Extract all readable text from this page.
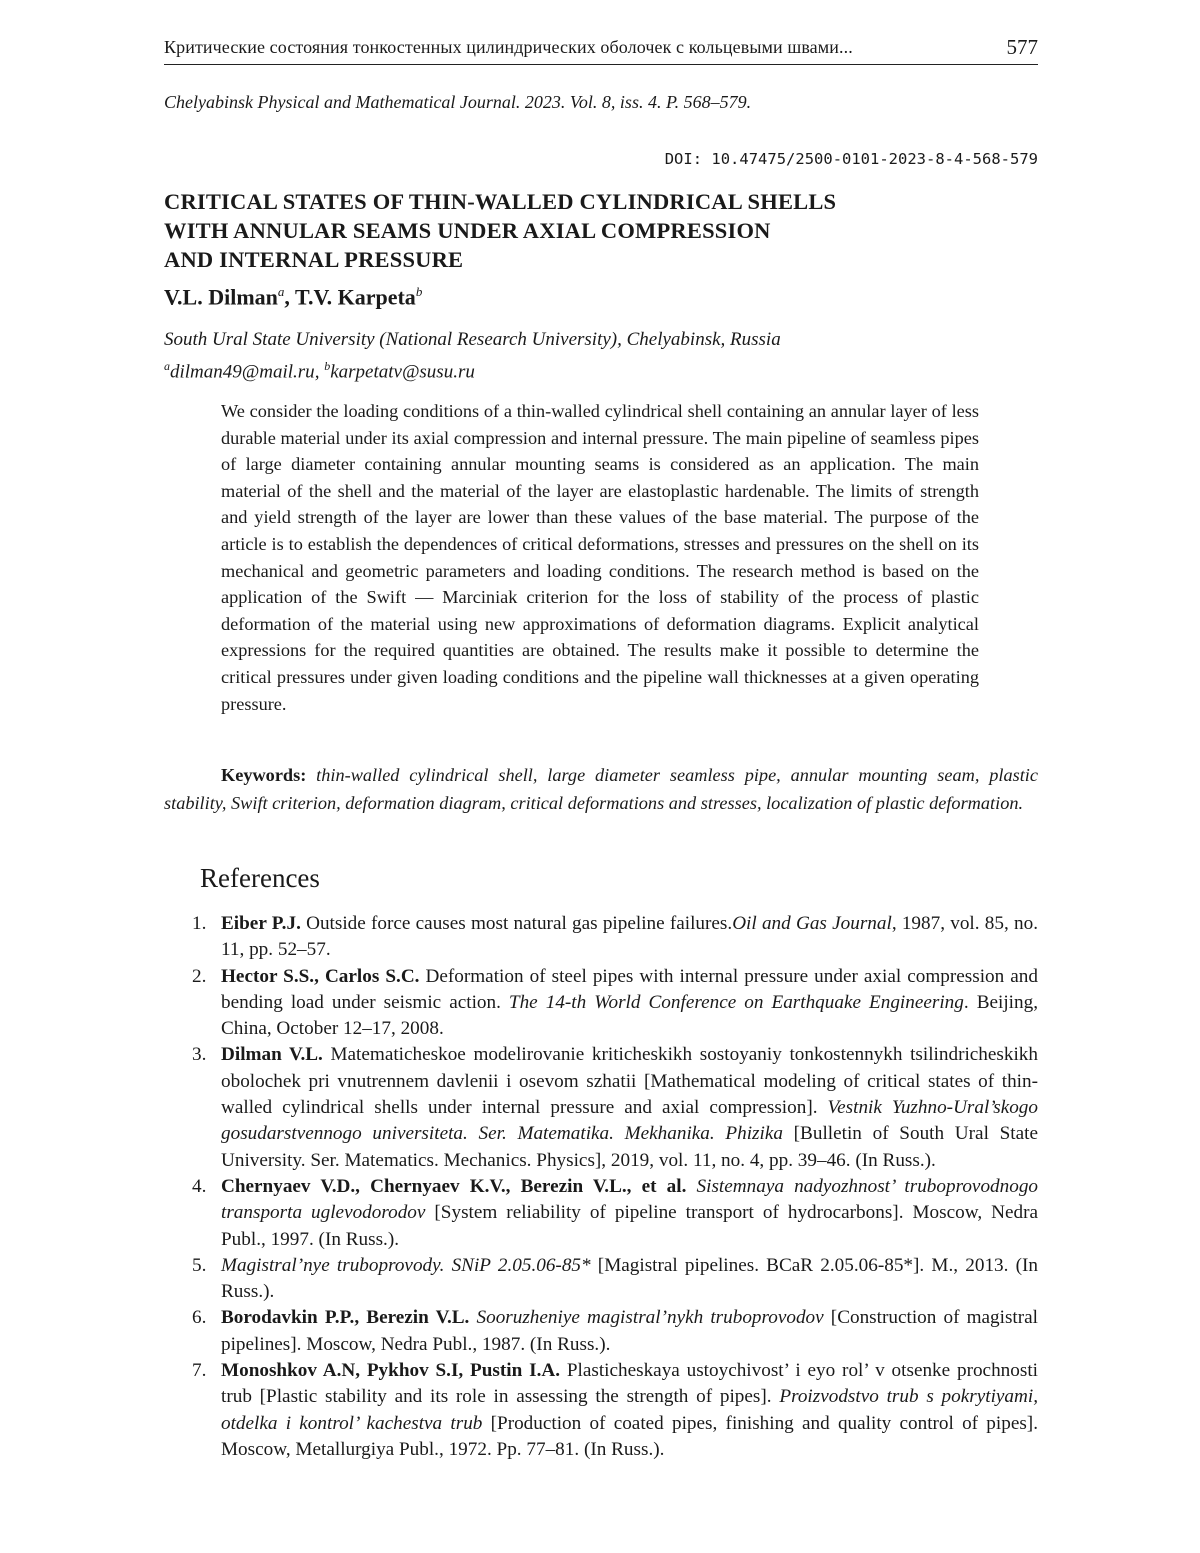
Критические состояния тонкостенных цилиндрических оболочек с кольцевыми швами...	577
Chelyabinsk Physical and Mathematical Journal. 2023. Vol. 8, iss. 4. P. 568–579.
DOI: 10.47475/2500-0101-2023-8-4-568-579
CRITICAL STATES OF THIN-WALLED CYLINDRICAL SHELLS
WITH ANNULAR SEAMS UNDER AXIAL COMPRESSION
AND INTERNAL PRESSURE
V.L. Dilman$^a$, T.V. Karpeta$^b$
South Ural State University (National Research University), Chelyabinsk, Russia
$^a$dilman49@mail.ru, $^b$karpetatv@susu.ru

We consider the loading conditions of a thin-walled cylindrical shell containing an annular layer of less durable material under its axial compression and internal pressure. The main pipeline of seamless pipes of large diameter containing annular mounting seams is considered as an application. The main material of the shell and the material of the layer are elastoplastic hardenable. The limits of strength and yield strength of the layer are lower than these values of the base material. The purpose of the article is to establish the dependences of critical deformations, stresses and pressures on the shell on its mechanical and geometric parameters and loading conditions. The research method is based on the application of the Swift — Marciniak criterion for the loss of stability of the process of plastic deformation of the material using new approximations of deformation diagrams. Explicit analytical expressions for the required quantities are obtained. The results make it possible to determine the critical pressures under given loading conditions and the pipeline wall thicknesses at a given operating pressure.

Keywords: thin-walled cylindrical shell, large diameter seamless pipe, annular mounting seam, plastic stability, Swift criterion, deformation diagram, critical deformations and stresses, localization of plastic deformation.

References
1. Eiber P.J. Outside force causes most natural gas pipeline failures.Oil and Gas Journal, 1987, vol. 85, no. 11, pp. 52–57.
2. Hector S.S., Carlos S.C. Deformation of steel pipes with internal pressure under axial compression and bending load under seismic action. The 14-th World Conference on Earthquake Engineering. Beijing, China, October 12–17, 2008.
3. Dilman V.L. Matematicheskoe modelirovanie kriticheskikh sostoyaniy tonkostennykh tsilindricheskikh obolochek pri vnutrennem davlenii i osevom szhatii [Mathematical modeling of critical states of thin-walled cylindrical shells under internal pressure and axial compression]. Vestnik Yuzhno-Ural’skogo gosudarstvennogo universiteta. Ser. Matematika. Mekhanika. Phizika [Bulletin of South Ural State University. Ser. Matematics. Mechanics. Physics], 2019, vol. 11, no. 4, pp. 39–46. (In Russ.).
4. Chernyaev V.D., Chernyaev K.V., Berezin V.L., et al. Sistemnaya nadyozhnost’ truboprovodnogo transporta uglevodorodov [System reliability of pipeline transport of hydrocarbons]. Moscow, Nedra Publ., 1997. (In Russ.).
5. Magistral’nye truboprovody. SNiP 2.05.06-85* [Magistral pipelines. BCaR 2.05.06-85*]. M., 2013. (In Russ.).
6. Borodavkin P.P., Berezin V.L. Sooruzheniye magistral’nykh truboprovodov [Construction of magistral pipelines]. Moscow, Nedra Publ., 1987. (In Russ.).
7. Monoshkov A.N, Pykhov S.I, Pustin I.A. Plasticheskaya ustoychivost’ i eyo rol’ v otsenke prochnosti trub [Plastic stability and its role in assessing the strength of pipes]. Proizvodstvo trub s pokrytiyami, otdelka i kontrol’ kachestva trub [Production of coated pipes, finishing and quality control of pipes]. Moscow, Metallurgiya Publ., 1972. Pp. 77–81. (In Russ.).
